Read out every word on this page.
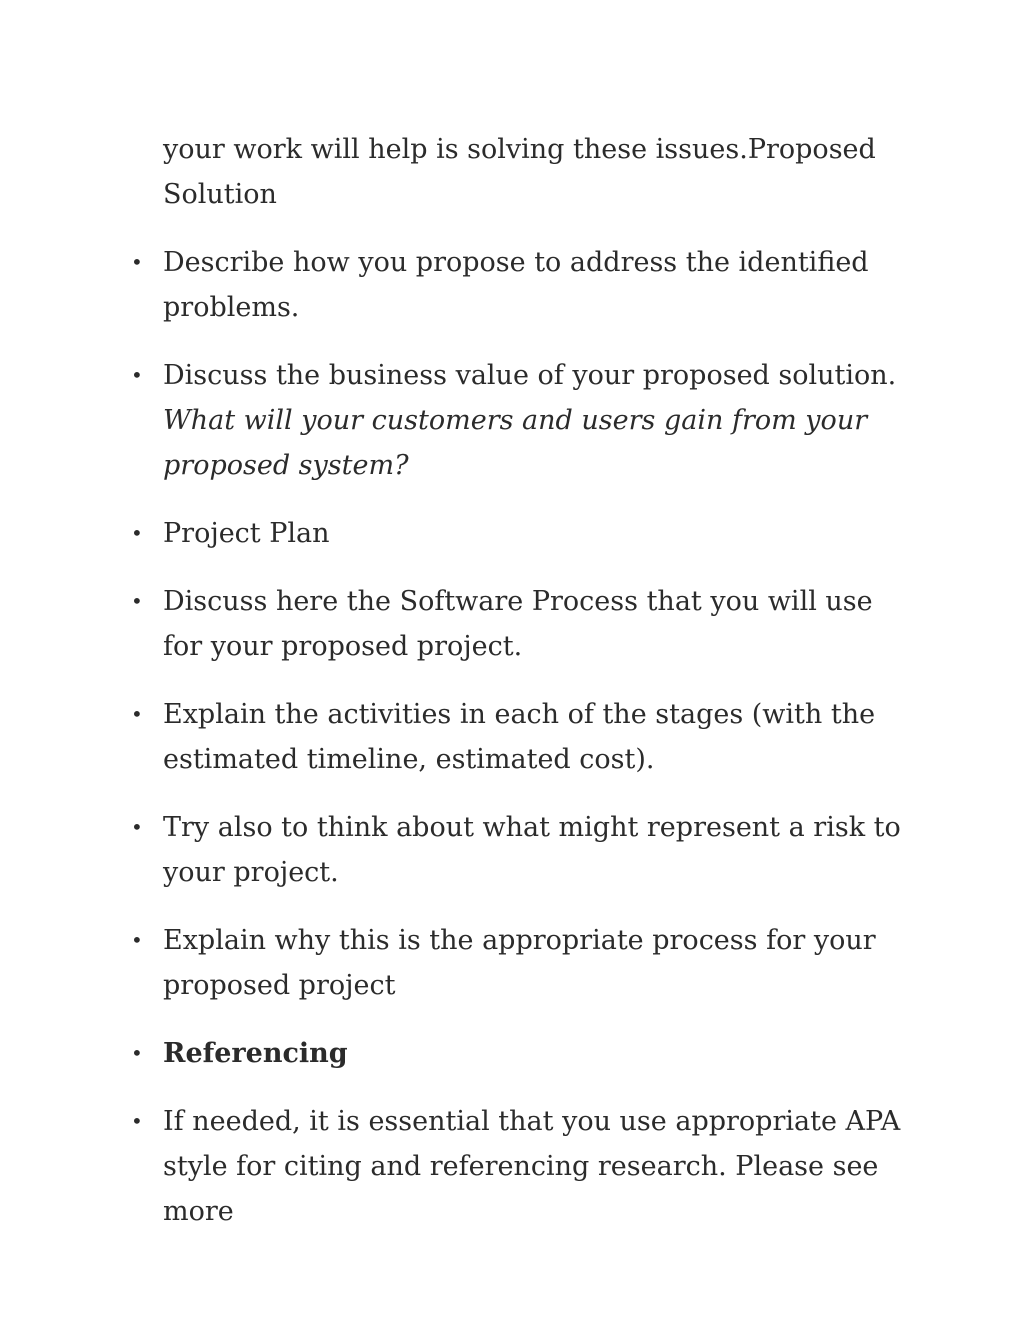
your work will help is solving these issues.Proposed Solution

• Describe how you propose to address the identified problems.
• Discuss the business value of your proposed solution. What will your customers and users gain from your proposed system?
• Project Plan
• Discuss here the Software Process that you will use for your proposed project.
• Explain the activities in each of the stages (with the estimated timeline, estimated cost).
• Try also to think about what might represent a risk to your project.
• Explain why this is the appropriate process for your proposed project
• Referencing
• If needed, it is essential that you use appropriate APA style for citing and referencing research. Please see more
